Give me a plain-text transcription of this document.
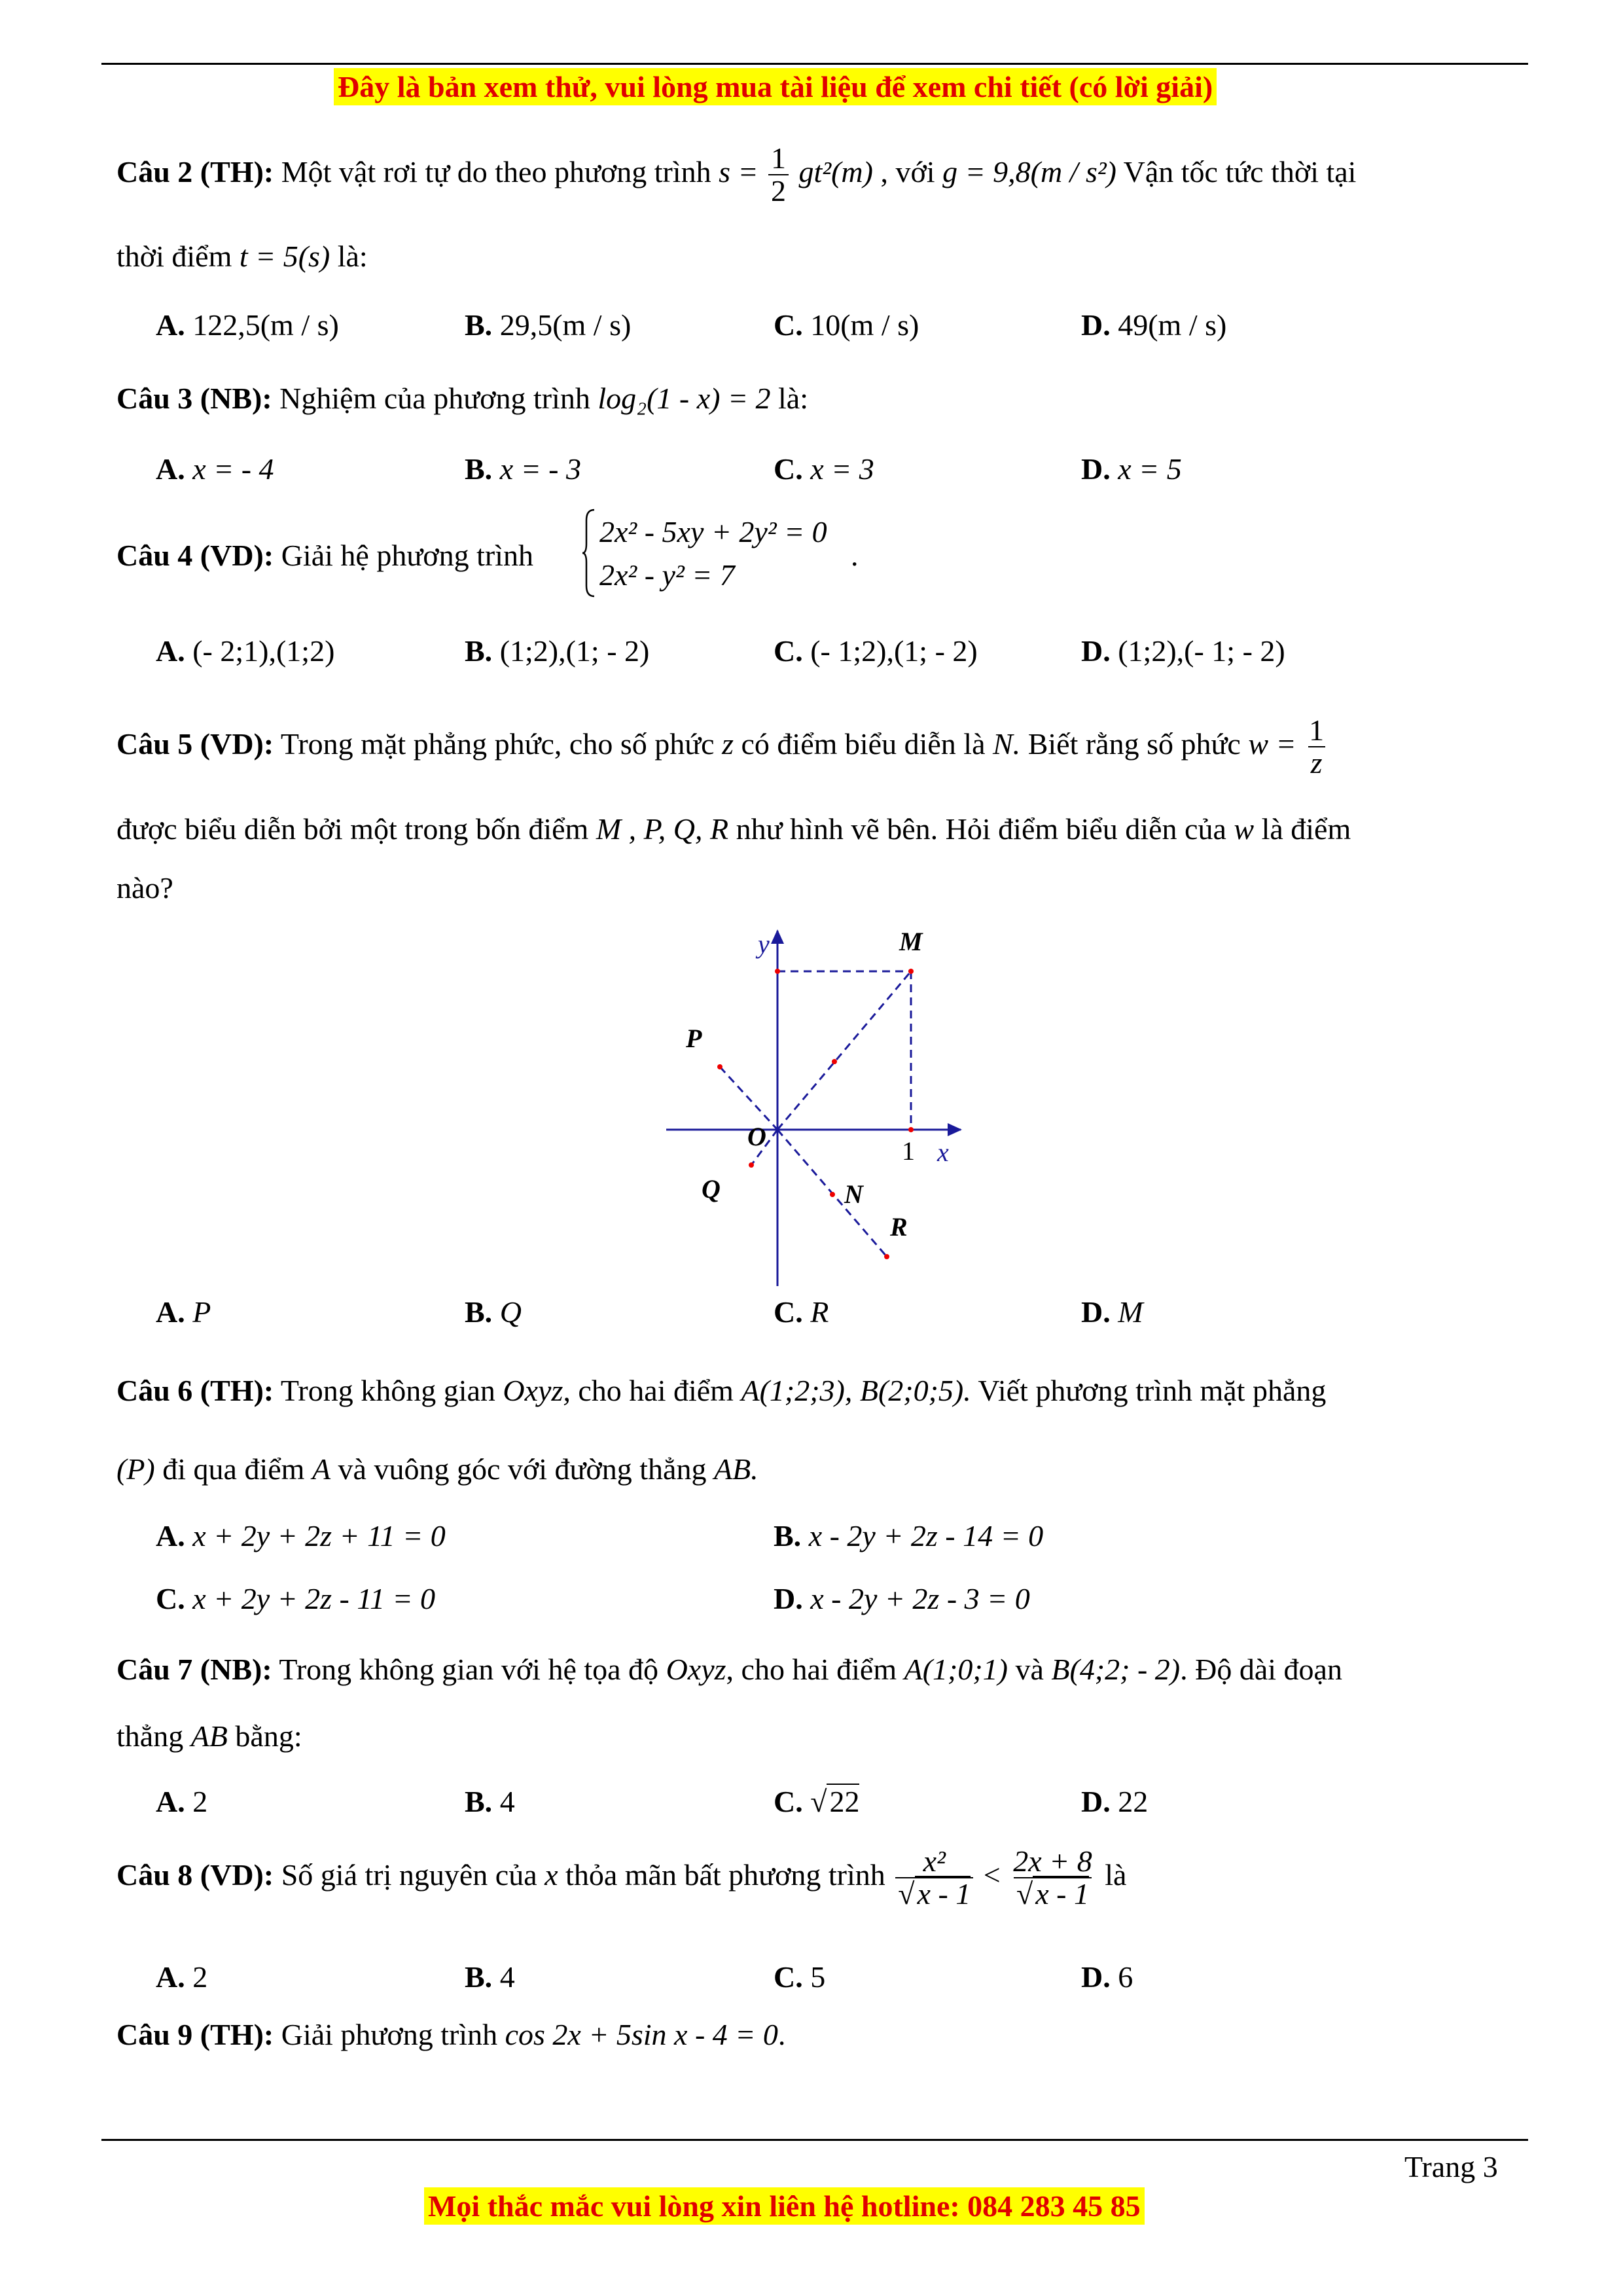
Đây là bản xem thử, vui lòng mua tài liệu để xem chi tiết (có lời giải)
Câu 2 (TH): Một vật rơi tự do theo phương trình $s = \frac{1}{2} gt^2(m)$ , với g = 9,8(m / s²) Vận tốc tức thời tại
thời điểm t = 5(s) là:
A. 122,5(m / s)	B. 29,5(m / s)	C. 10(m / s)	D. 49(m / s)
Câu 3 (NB): Nghiệm của phương trình log₂(1 - x) = 2 là:
A. x = - 4	B. x = - 3	C. x = 3	D. x = 5
Câu 4 (VD): Giải hệ phương trình
2x² - 5xy + 2y² = 0
2x² - y² = 7
.
A. (- 2;1),(1;2)	B. (1;2),(1; - 2)	C. (- 1;2),(1; - 2)	D. (1;2),(- 1; - 2)
Câu 5 (VD): Trong mặt phẳng phức, cho số phức z có điểm biểu diễn là N. Biết rằng số phức $w = \frac{1}{z}$
được biểu diễn bởi một trong bốn điểm M , P, Q, R như hình vẽ bên. Hỏi điểm biểu diễn của w là điểm
nào?
y	M
P
O	1 x
Q	N
R
A. P	B. Q	C. R	D. M
Câu 6 (TH): Trong không gian Oxyz, cho hai điểm A(1;2;3), B(2;0;5). Viết phương trình mặt phẳng
(P) đi qua điểm A và vuông góc với đường thẳng AB.
A. x + 2y + 2z + 11 = 0	B. x - 2y + 2z - 14 = 0
C. x + 2y + 2z - 11 = 0	D. x - 2y + 2z - 3 = 0
Câu 7 (NB): Trong không gian với hệ tọa độ Oxyz, cho hai điểm A(1;0;1) và B(4;2; - 2). Độ dài đoạn
thẳng AB bằng:
A. 2	B. 4	C. √22	D. 22
Câu 8 (VD): Số giá trị nguyên của x thỏa mãn bất phương trình $\frac{\text{x²}}{√x - 1} < \frac{2x + 8}{√x - 1}$ là
A. 2	B. 4	C. 5	D. 6
Câu 9 (TH): Giải phương trình cos 2x + 5sin x - 4 = 0.
Trang 3
Mọi thắc mắc vui lòng xin liên hệ hotline: 084 283 45 85
